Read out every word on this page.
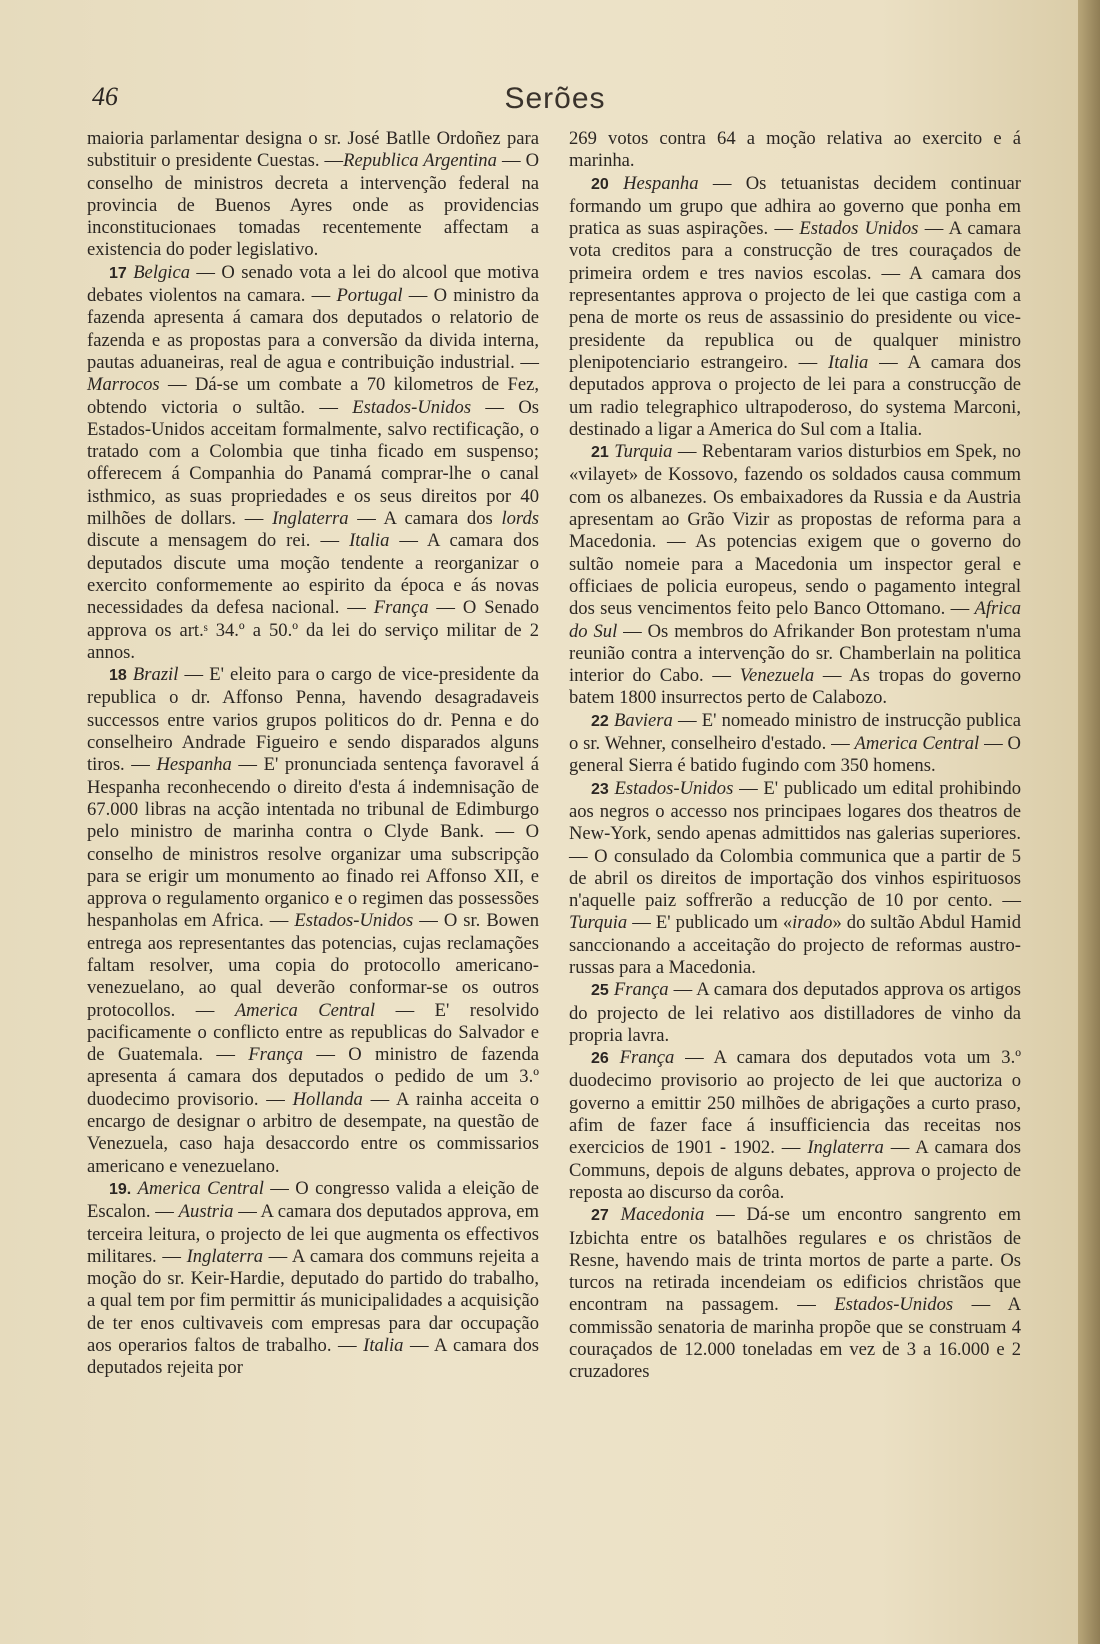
46	Serões

maioria parlamentar designa o sr. José Batlle Ordoñez para substituir o presidente Cuestas. —Republica Argentina — O conselho de ministros decreta a intervenção federal na provincia de Buenos Ayres onde as providencias inconstitucionaes tomadas recentemente affectam a existencia do poder legislativo.

17 Belgica — O senado vota a lei do alcool que motiva debates violentos na camara. — Portugal — O ministro da fazenda apresenta á camara dos deputados o relatorio de fazenda e as propostas para a conversão da divida interna, pautas aduaneiras, real de agua e contribuição industrial. — Marrocos — Dá-se um combate a 70 kilometros de Fez, obtendo victoria o sultão. — Estados-Unidos — Os Estados-Unidos acceitam formalmente, salvo rectificação, o tratado com a Colombia que tinha ficado em suspenso; offerecem á Companhia do Panamá comprar-lhe o canal isthmico, as suas propriedades e os seus direitos por 40 milhões de dollars. — Inglaterra — A camara dos lords discute a mensagem do rei. — Italia — A camara dos deputados discute uma moção tendente a reorganizar o exercito conformemente ao espirito da época e ás novas necessidades da defesa nacional. — França — O Senado approva os art.ˢ 34.º a 50.º da lei do serviço militar de 2 annos.

18 Brazil — E' eleito para o cargo de vice-presidente da republica o dr. Affonso Penna, havendo desagradaveis successos entre varios grupos politicos do dr. Penna e do conselheiro Andrade Figueiro e sendo disparados alguns tiros. — Hespanha — E' pronunciada sentença favoravel á Hespanha reconhecendo o direito d'esta á indemnisação de 67.000 libras na acção intentada no tribunal de Edimburgo pelo ministro de marinha contra o Clyde Bank. — O conselho de ministros resolve organizar uma subscripção para se erigir um monumento ao finado rei Affonso XII, e approva o regulamento organico e o regimen das possessões hespanholas em Africa. — Estados-Unidos — O sr. Bowen entrega aos representantes das potencias, cujas reclamações faltam resolver, uma copia do protocollo americano-venezuelano, ao qual deverão conformar-se os outros protocollos. — America Central — E' resolvido pacificamente o conflicto entre as republicas do Salvador e de Guatemala. — França — O ministro de fazenda apresenta á camara dos deputados o pedido de um 3.º duodecimo provisorio. — Hollanda — A rainha acceita o encargo de designar o arbitro de desempate, na questão de Venezuela, caso haja desaccordo entre os commissarios americano e venezuelano.

19. America Central — O congresso valida a eleição de Escalon. — Austria — A camara dos deputados approva, em terceira leitura, o projecto de lei que augmenta os effectivos militares. — Inglaterra — A camara dos communs rejeita a moção do sr. Keir-Hardie, deputado do partido do trabalho, a qual tem por fim permittir ás municipalidades a acquisição de ter enos cultivaveis com empresas para dar occupação aos operarios faltos de trabalho. — Italia — A camara dos deputados rejeita por

269 votos contra 64 a moção relativa ao exercito e á marinha.

20 Hespanha — Os tetuanistas decidem continuar formando um grupo que adhira ao governo que ponha em pratica as suas aspirações. — Estados Unidos — A camara vota creditos para a construcção de tres couraçados de primeira ordem e tres navios escolas. — A camara dos representantes approva o projecto de lei que castiga com a pena de morte os reus de assassinio do presidente ou vice-presidente da republica ou de qualquer ministro plenipotenciario estrangeiro. — Italia — A camara dos deputados approva o projecto de lei para a construcção de um radio telegraphico ultrapoderoso, do systema Marconi, destinado a ligar a America do Sul com a Italia.

21 Turquia — Rebentaram varios disturbios em Spek, no «vilayet» de Kossovo, fazendo os soldados causa commum com os albanezes. Os embaixadores da Russia e da Austria apresentam ao Grão Vizir as propostas de reforma para a Macedonia. — As potencias exigem que o governo do sultão nomeie para a Macedonia um inspector geral e officiaes de policia europeus, sendo o pagamento integral dos seus vencimentos feito pelo Banco Ottomano. — Africa do Sul — Os membros do Afrikander Bon protestam n'uma reunião contra a intervenção do sr. Chamberlain na politica interior do Cabo. — Venezuela — As tropas do governo batem 1800 insurrectos perto de Calabozo.

22 Baviera — E' nomeado ministro de instrucção publica o sr. Wehner, conselheiro d'estado. — America Central — O general Sierra é batido fugindo com 350 homens.

23 Estados-Unidos — E' publicado um edital prohibindo aos negros o accesso nos principaes logares dos theatros de New-York, sendo apenas admittidos nas galerias superiores. — O consulado da Colombia communica que a partir de 5 de abril os direitos de importação dos vinhos espirituosos n'aquelle paiz soffrerão a reducção de 10 por cento. — Turquia — E' publicado um «irado» do sultão Abdul Hamid sanccionando a acceitação do projecto de reformas austro-russas para a Macedonia.

25 França — A camara dos deputados approva os artigos do projecto de lei relativo aos distilladores de vinho da propria lavra.

26 França — A camara dos deputados vota um 3.º duodecimo provisorio ao projecto de lei que auctoriza o governo a emittir 250 milhões de abrigações a curto praso, afim de fazer face á insufficiencia das receitas nos exercicios de 1901 - 1902. — Inglaterra — A camara dos Communs, depois de alguns debates, approva o projecto de reposta ao discurso da corôa.

27 Macedonia — Dá-se um encontro sangrento em Izbichta entre os batalhões regulares e os christãos de Resne, havendo mais de trinta mortos de parte a parte. Os turcos na retirada incendeiam os edificios christãos que encontram na passagem. — Estados-Unidos — A commissão senatoria de marinha propõe que se construam 4 couraçados de 12.000 toneladas em vez de 3 a 16.000 e 2 cruzadores
